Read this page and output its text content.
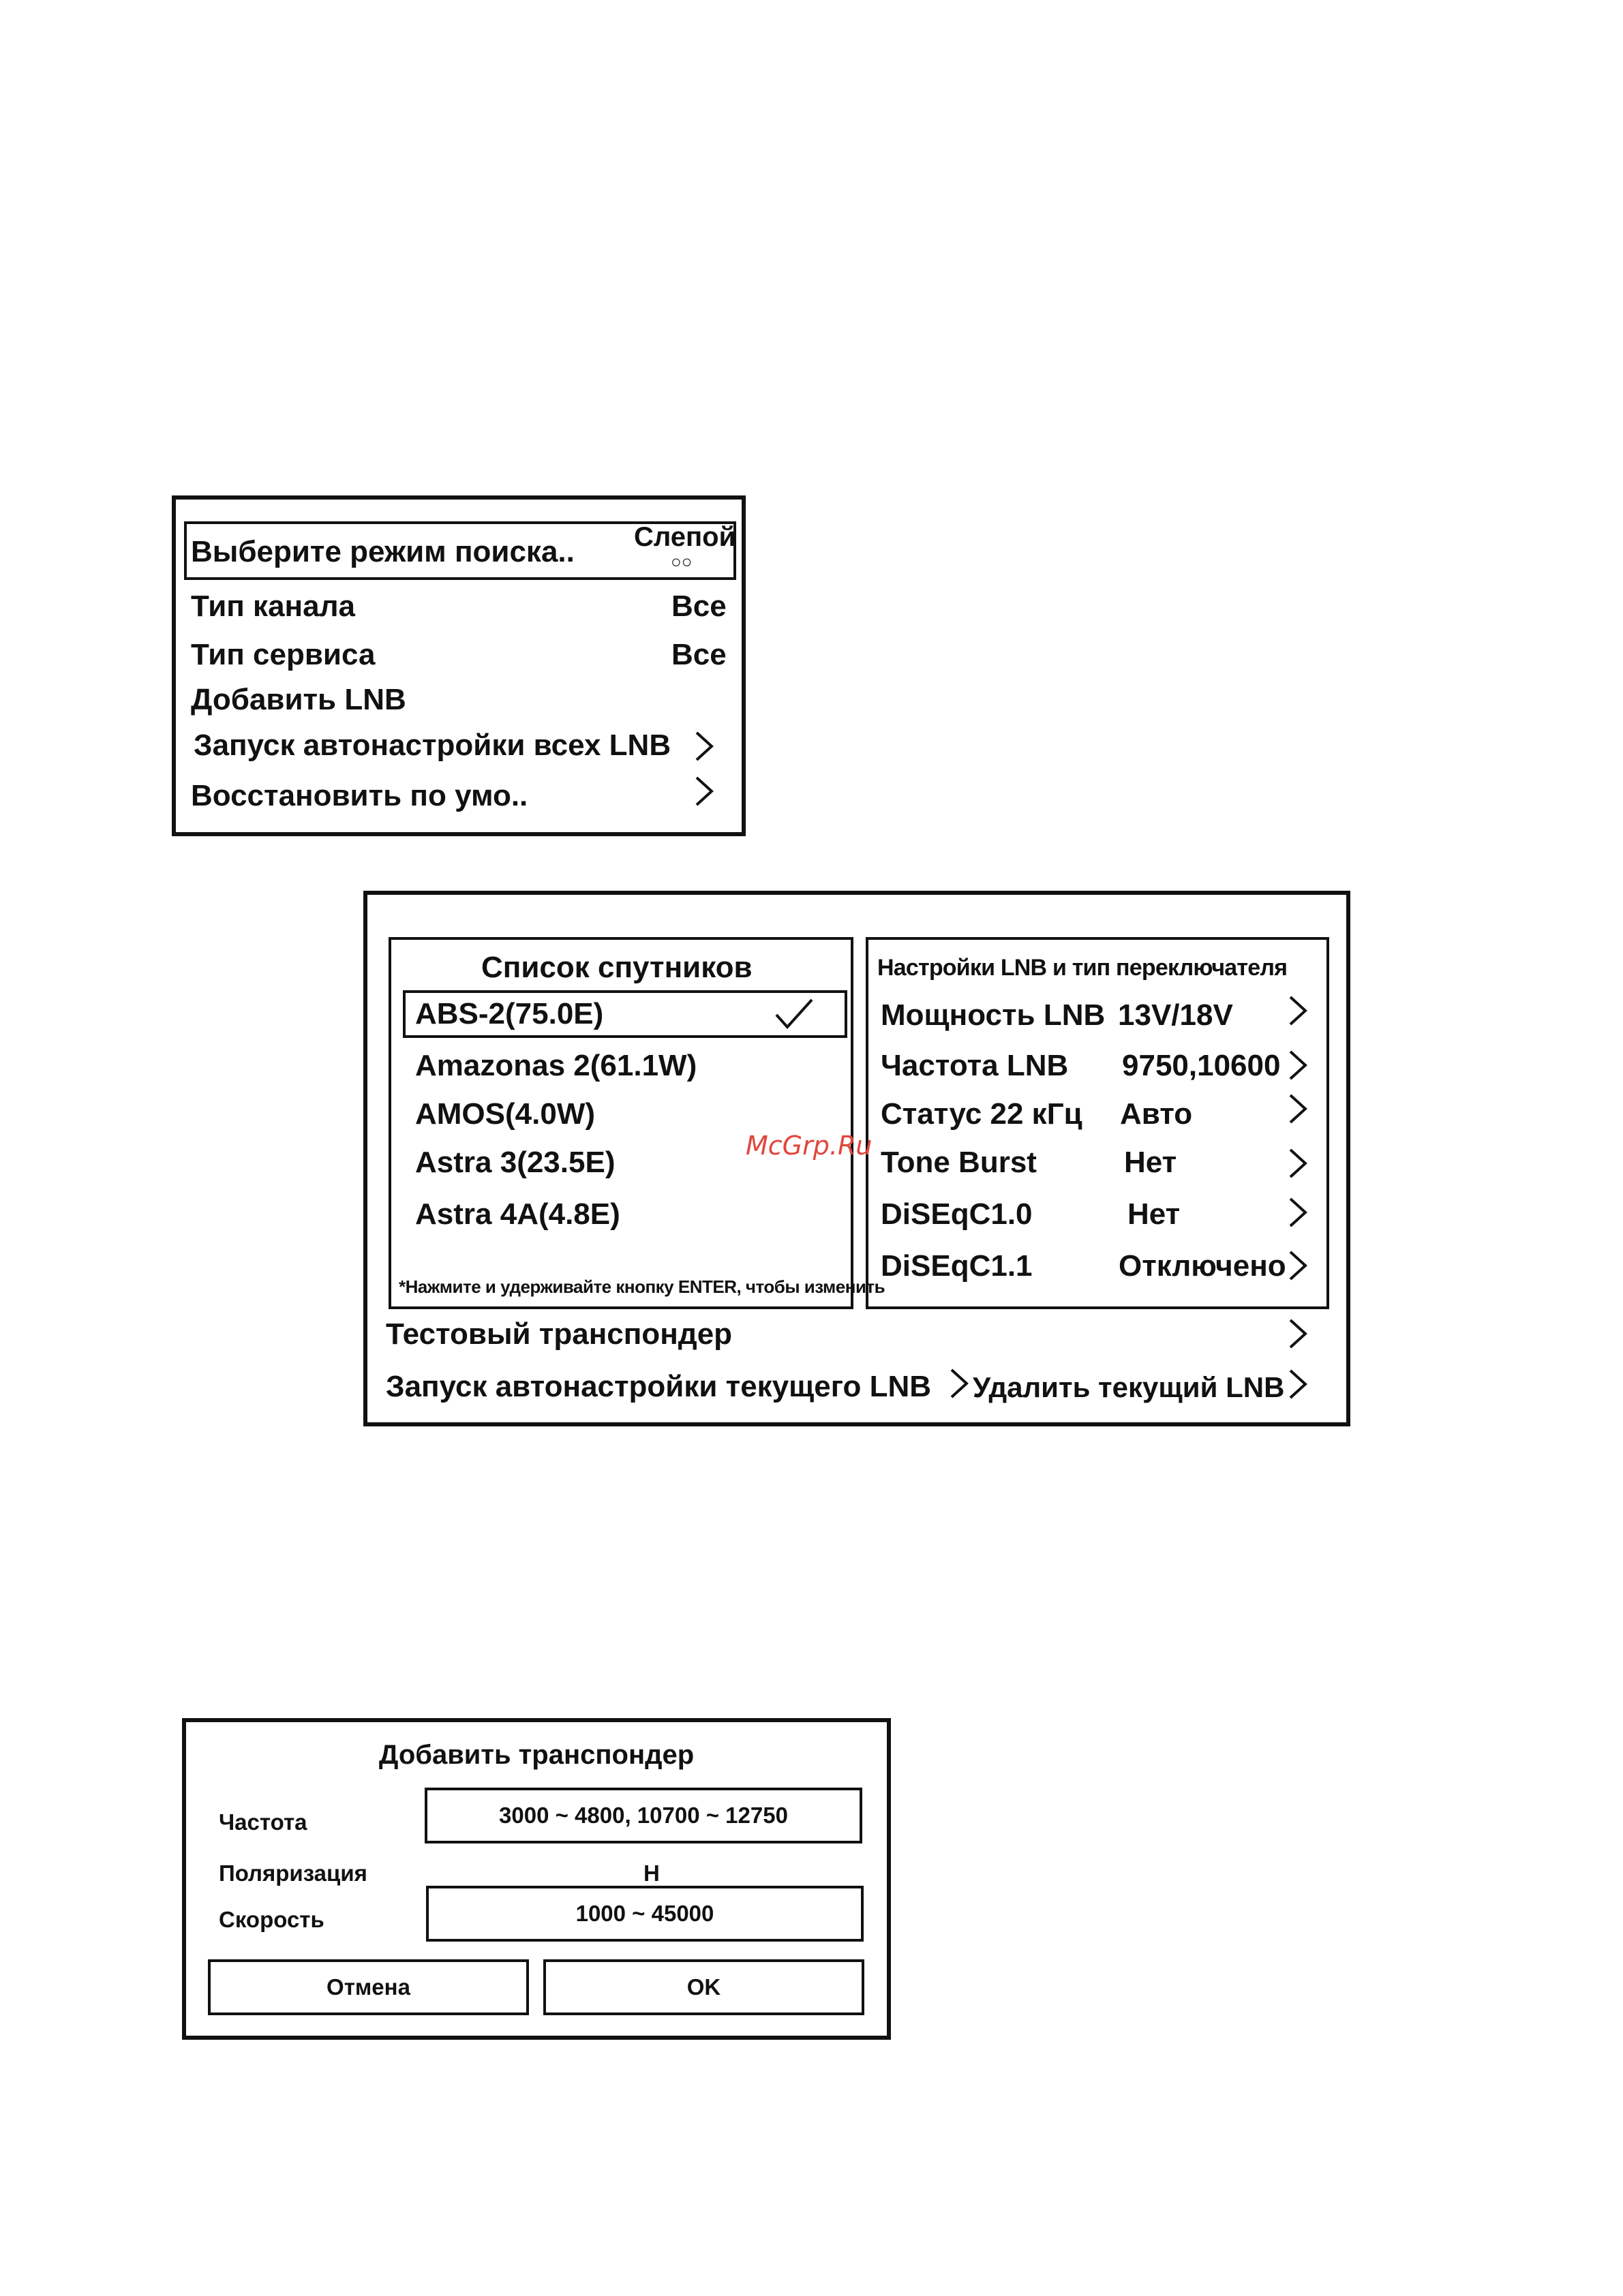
Выберите режим поиска.. Слепой
○○
Тип канала	Все
Тип сервиса	Все
Добавить LNB
Запуск автонастройки всех LNB
Восстановить по умо..
Список спутников
ABS-2(75.0E)
Amazonas 2(61.1W)
AMOS(4.0W)
Astra 3(23.5E)
Astra 4A(4.8E)
*Нажмите и удерживайте кнопку ENTER, чтобы изменить
Настройки LNB и тип переключателя
Мощность LNB 13V/18V
Частота LNB 9750,10600
Статус 22 кГц Авто
Tone Burst	Нет
DiSEqC1.0	Нет
DiSEqC1.1	Отключено
Тестовый транспондер
Запуск автонастройки текущего LNB Удалить текущий LNB
McGrp.Ru
Добавить транспондер
Частота	3000 ~ 4800, 10700 ~ 12750
Поляризация	H
Скорость	1000 ~ 45000
Отмена	OK
